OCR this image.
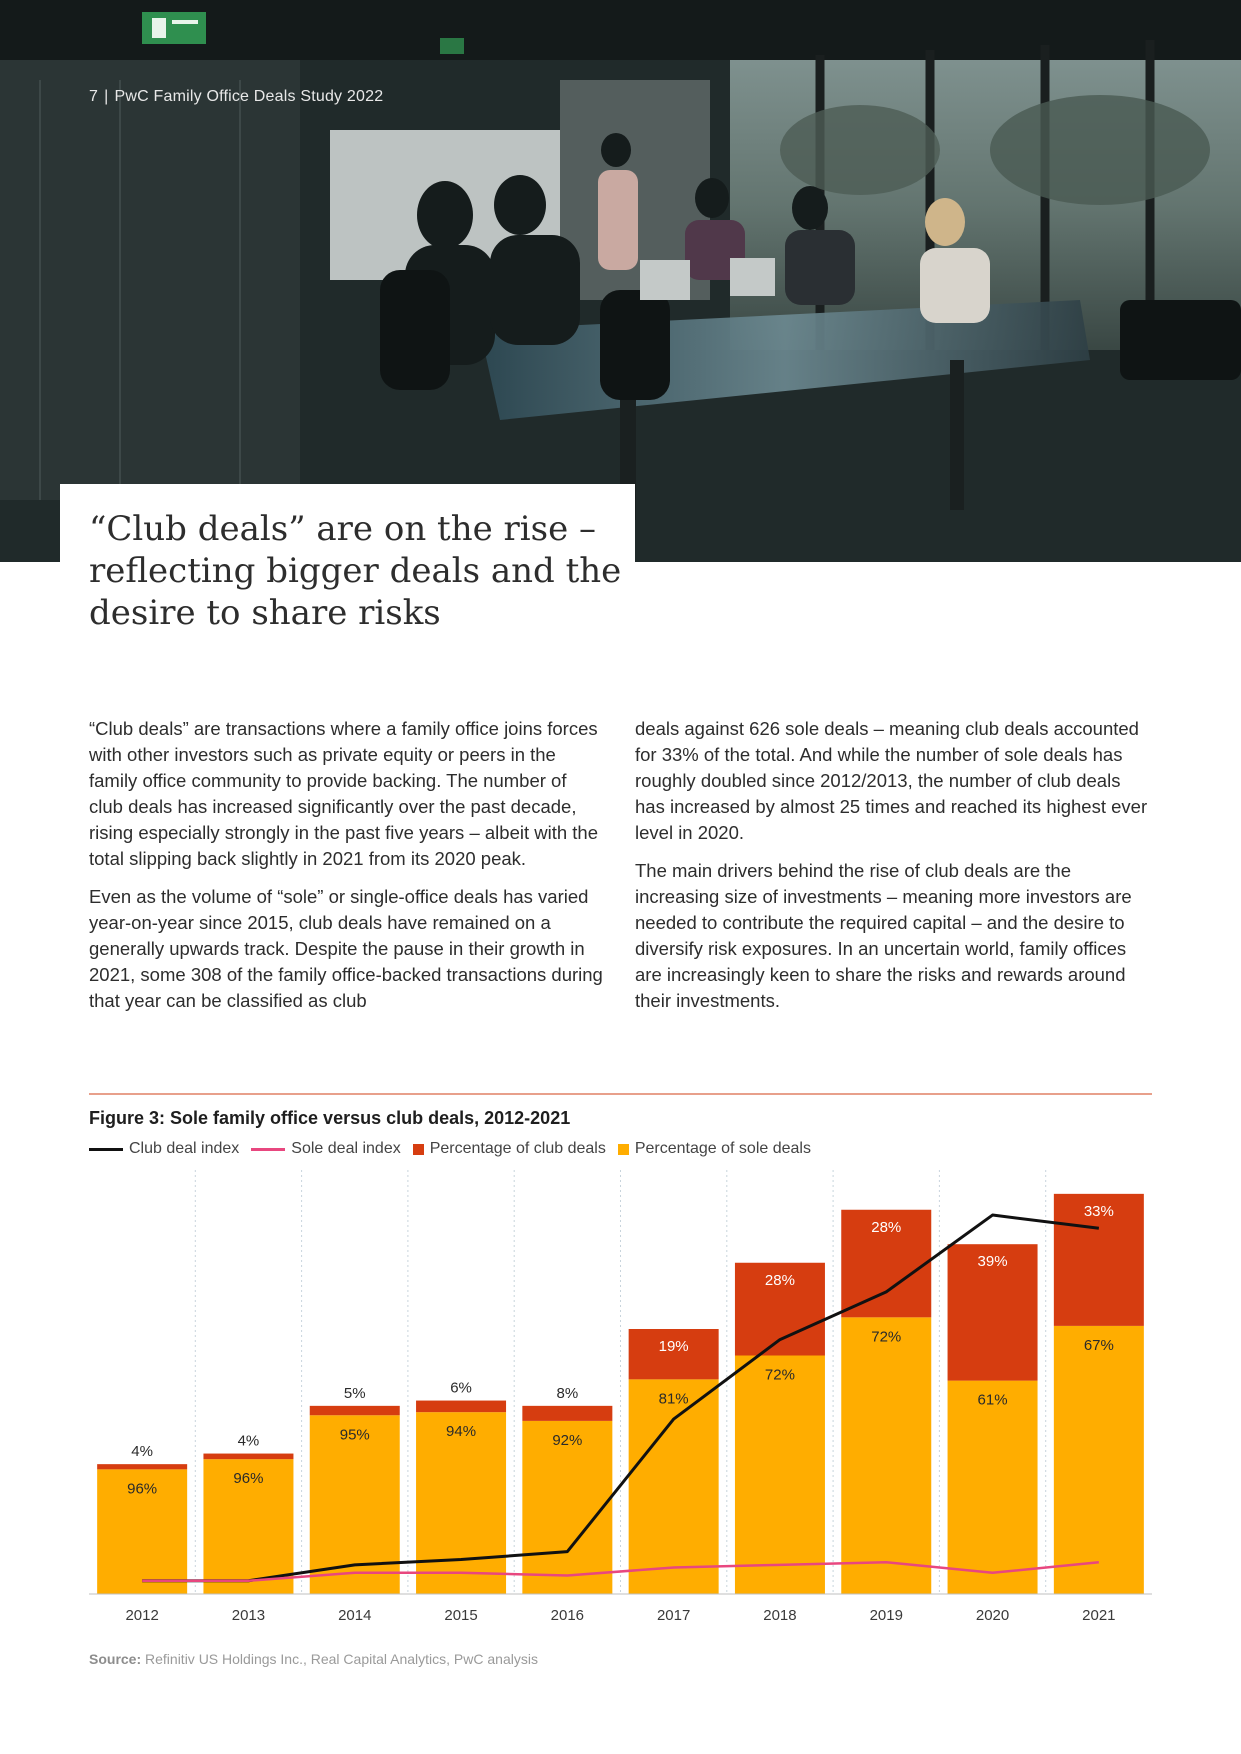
7 | PwC Family Office Deals Study 2022
“Club deals” are on the rise – reflecting bigger deals and the desire to share risks

“Club deals” are transactions where a family office joins forces with other investors such as private equity or peers in the family office community to provide backing. The number of club deals has increased significantly over the past decade, rising especially strongly in the past five years – albeit with the total slipping back slightly in 2021 from its 2020 peak.

Even as the volume of “sole” or single-office deals has varied year-on-year since 2015, club deals have remained on a generally upwards track. Despite the pause in their growth in 2021, some 308 of the family office-backed transactions during that year can be classified as club

deals against 626 sole deals – meaning club deals accounted for 33% of the total. And while the number of sole deals has roughly doubled since 2012/2013, the number of club deals has increased by almost 25 times and reached its highest ever level in 2020.

The main drivers behind the rise of club deals are the increasing size of investments – meaning more investors are needed to contribute the required capital – and the desire to diversify risk exposures. In an uncertain world, family offices are increasingly keen to share the risks and rewards around their investments.

Figure 3: Sole family office versus club deals, 2012-2021
Club deal index	Sole deal index Percentage of club deals Percentage of sole deals
96%
4%
2012
96%
4%
2013
95%
5%
2014
94%
6%
2015
92%
8%
2016
81%
19%
2017
72%
28%
2018
72%
28%
2019
61%
39%
2020
67%
33%
2021
Source: Refinitiv US Holdings Inc., Real Capital Analytics, PwC analysis
